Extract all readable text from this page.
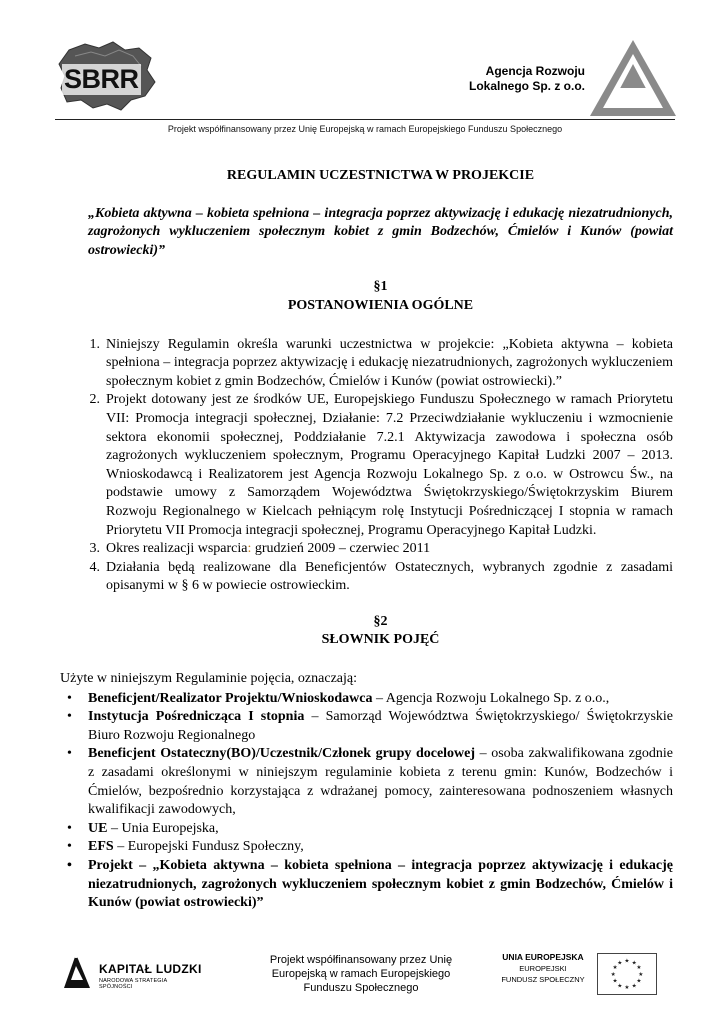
SBRR	Agencja Rozwoju
Lokalnego Sp. z o.o.
Projekt współfinansowany przez Unię Europejską w ramach Europejskiego Funduszu Społecznego
REGULAMIN UCZESTNICTWA W PROJEKCIE
„Kobieta aktywna – kobieta spełniona – integracja poprzez aktywizację i edukację niezatrudnionych, zagrożonych wykluczeniem społecznym kobiet z gmin Bodzechów, Ćmielów i Kunów (powiat ostrowiecki)”
§1
POSTANOWIENIA OGÓLNE
1. Niniejszy Regulamin określa warunki uczestnictwa w projekcie: „Kobieta aktywna – kobieta spełniona – integracja poprzez aktywizację i edukację niezatrudnionych, zagrożonych wykluczeniem społecznym kobiet z gmin Bodzechów, Ćmielów i Kunów (powiat ostrowiecki).”
2. Projekt dotowany jest ze środków UE, Europejskiego Funduszu Społecznego w ramach Priorytetu VII: Promocja integracji społecznej, Działanie: 7.2 Przeciwdziałanie wykluczeniu i wzmocnienie sektora ekonomii społecznej, Poddziałanie 7.2.1 Aktywizacja zawodowa i społeczna osób zagrożonych wykluczeniem społecznym, Programu Operacyjnego Kapitał Ludzki 2007 – 2013. Wnioskodawcą i Realizatorem jest Agencja Rozwoju Lokalnego Sp. z o.o. w Ostrowcu Św., na podstawie umowy z Samorządem Województwa Świętokrzyskiego/Świętokrzyskim Biurem Rozwoju Regionalnego w Kielcach pełniącym rolę Instytucji Pośredniczącej I stopnia w ramach Priorytetu VII Promocja integracji społecznej, Programu Operacyjnego Kapitał Ludzki.
3. Okres realizacji wsparcia: grudzień 2009 – czerwiec 2011
4. Działania będą realizowane dla Beneficjentów Ostatecznych, wybranych zgodnie z zasadami opisanymi w § 6 w powiecie ostrowieckim.
§2
SŁOWNIK POJĘĆ
Użyte w niniejszym Regulaminie pojęcia, oznaczają:
• Beneficjent/Realizator Projektu/Wnioskodawca – Agencja Rozwoju Lokalnego Sp. z o.o.,
• Instytucja Pośrednicząca I stopnia – Samorząd Województwa Świętokrzyskiego/ Świętokrzyskie Biuro Rozwoju Regionalnego
• Beneficjent Ostateczny(BO)/Uczestnik/Członek grupy docelowej – osoba zakwalifikowana zgodnie z zasadami określonymi w niniejszym regulaminie kobieta z terenu gmin: Kunów, Bodzechów i Ćmielów, bezpośrednio korzystająca z wdrażanej pomocy, zainteresowana podnoszeniem własnych kwalifikacji zawodowych,
• UE – Unia Europejska,
• EFS – Europejski Fundusz Społeczny,
• Projekt – „Kobieta aktywna – kobieta spełniona – integracja poprzez aktywizację i edukację niezatrudnionych, zagrożonych wykluczeniem społecznym kobiet z gmin Bodzechów, Ćmielów i Kunów (powiat ostrowiecki)”
KAPITAŁ LUDZKI
NARODOWA STRATEGIA SPÓJNOŚCI
Projekt współfinansowany przez Unię Europejską w ramach Europejskiego Funduszu Społecznego
UNIA EUROPEJSKA
EUROPEJSKI
FUNDUSZ SPOŁECZNY
★ ★
★
★
★
★
★
★
★
★
★
★
